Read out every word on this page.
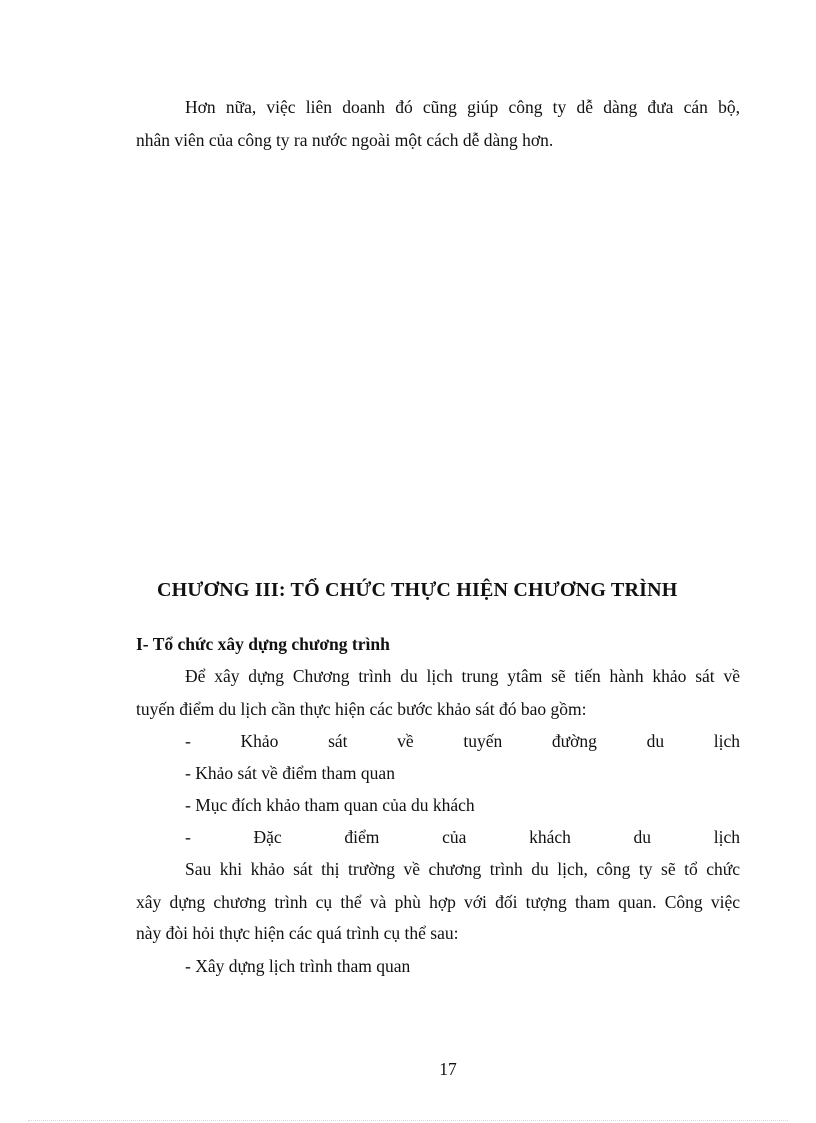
Hơn nữa, việc liên doanh đó cũng giúp công ty dễ dàng đưa cán bộ,
nhân viên của công ty ra nước ngoài một cách dễ dàng hơn.
CHƯƠNG III: TỔ CHỨC THỰC HIỆN CHƯƠNG TRÌNH
I- Tổ chức xây dựng chương trình
Để xây dựng Chương trình du lịch trung ytâm sẽ tiến hành khảo sát về
tuyến điểm du lịch cần thực hiện các bước khảo sát đó bao gồm:
- Khảo sát về tuyến đường du lịch
- Khảo sát về điểm tham quan
- Mục đích khảo tham quan của du khách
- Đặc điểm của khách du lịch
Sau khi khảo sát thị trường về chương trình du lịch, công ty sẽ tổ chức
xây dựng chương trình cụ thể và phù hợp với đối tượng tham quan. Công việc
này đòi hỏi thực hiện các quá trình cụ thể sau:
- Xây dựng lịch trình tham quan
17
